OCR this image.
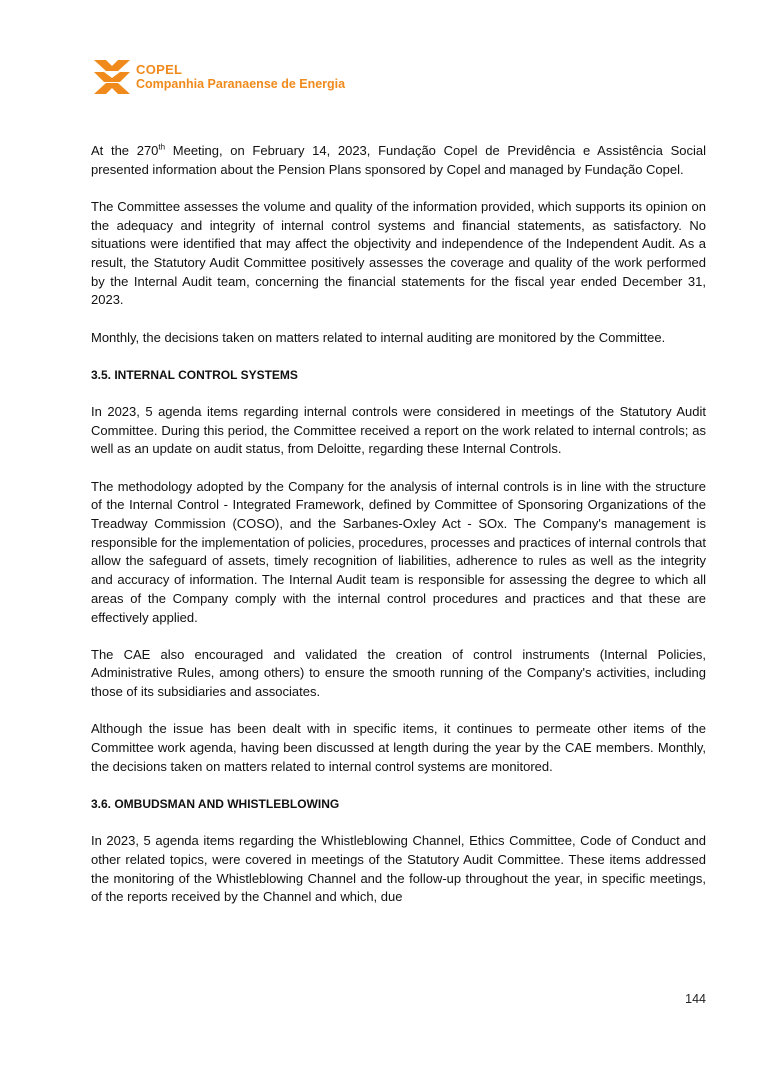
COPEL
Companhia Paranaense de Energia

At the 270th Meeting, on February 14, 2023, Fundação Copel de Previdência e Assistência Social presented information about the Pension Plans sponsored by Copel and managed by Fundação Copel.

The Committee assesses the volume and quality of the information provided, which supports its opinion on the adequacy and integrity of internal control systems and financial statements, as satisfactory. No situations were identified that may affect the objectivity and independence of the Independent Audit. As a result, the Statutory Audit Committee positively assesses the coverage and quality of the work performed by the Internal Audit team, concerning the financial statements for the fiscal year ended December 31, 2023.

Monthly, the decisions taken on matters related to internal auditing are monitored by the Committee.

3.5. INTERNAL CONTROL SYSTEMS

In 2023, 5 agenda items regarding internal controls were considered in meetings of the Statutory Audit Committee. During this period, the Committee received a report on the work related to internal controls; as well as an update on audit status, from Deloitte, regarding these Internal Controls.

The methodology adopted by the Company for the analysis of internal controls is in line with the structure of the Internal Control - Integrated Framework, defined by Committee of Sponsoring Organizations of the Treadway Commission (COSO), and the Sarbanes-Oxley Act - SOx. The Company's management is responsible for the implementation of policies, procedures, processes and practices of internal controls that allow the safeguard of assets, timely recognition of liabilities, adherence to rules as well as the integrity and accuracy of information. The Internal Audit team is responsible for assessing the degree to which all areas of the Company comply with the internal control procedures and practices and that these are effectively applied.

The CAE also encouraged and validated the creation of control instruments (Internal Policies, Administrative Rules, among others) to ensure the smooth running of the Company's activities, including those of its subsidiaries and associates.

Although the issue has been dealt with in specific items, it continues to permeate other items of the Committee work agenda, having been discussed at length during the year by the CAE members. Monthly, the decisions taken on matters related to internal control systems are monitored.

3.6. OMBUDSMAN AND WHISTLEBLOWING

In 2023, 5 agenda items regarding the Whistleblowing Channel, Ethics Committee, Code of Conduct and other related topics, were covered in meetings of the Statutory Audit Committee. These items addressed the monitoring of the Whistleblowing Channel and the follow-up throughout the year, in specific meetings, of the reports received by the Channel and which, due

144
